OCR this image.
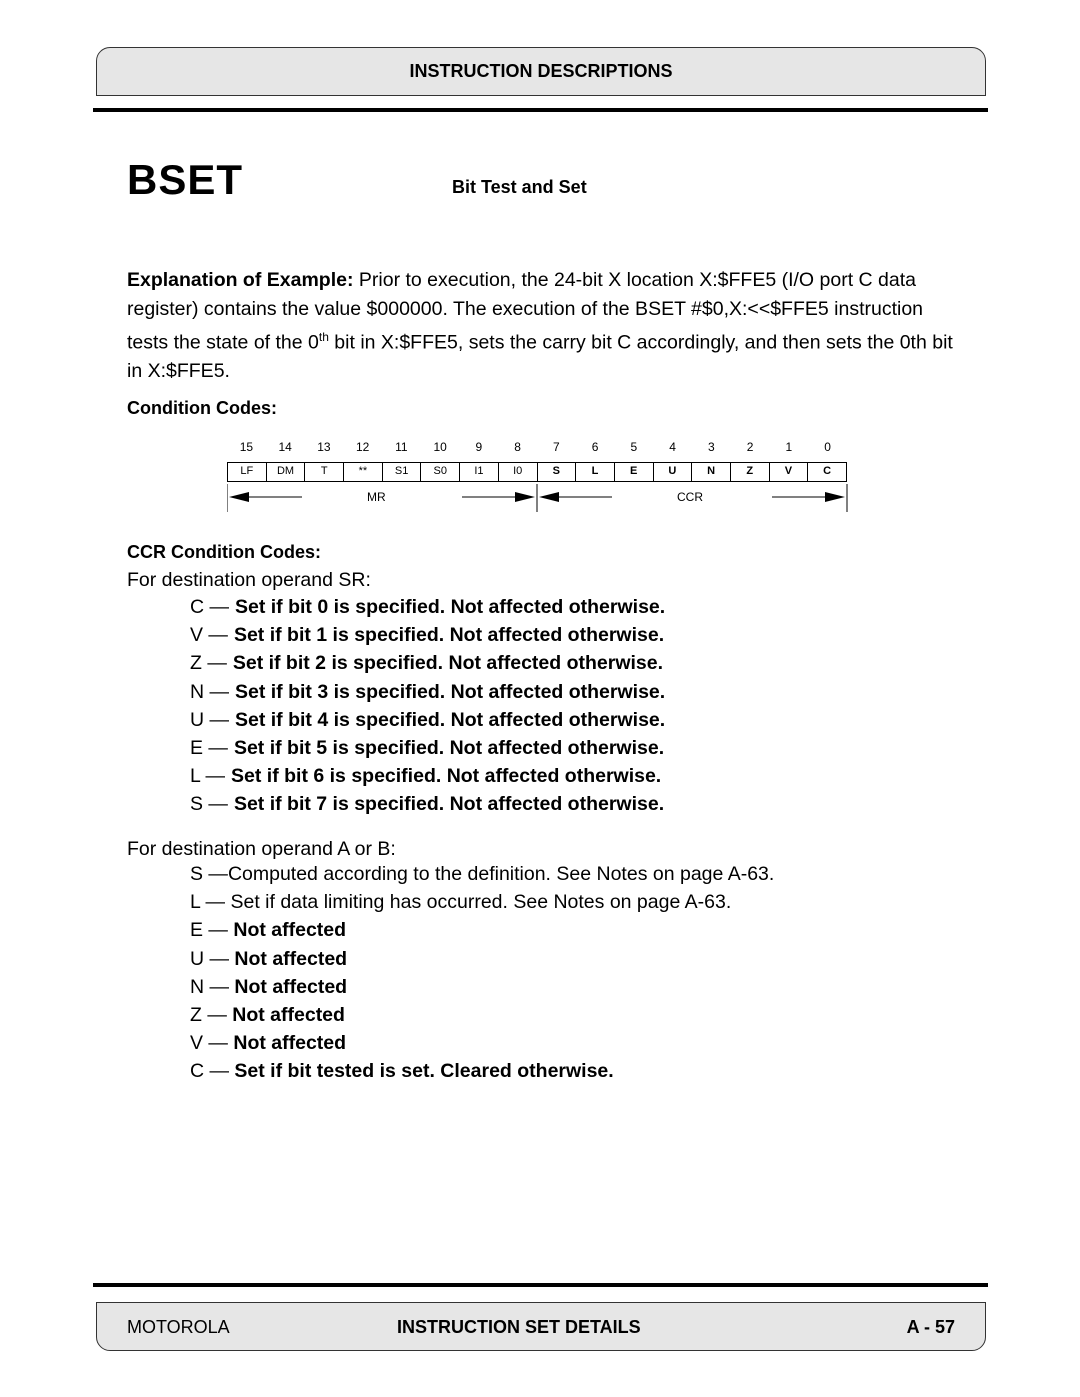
INSTRUCTION DESCRIPTIONS
BSET	Bit Test and Set
Explanation of Example: Prior to execution, the 24-bit X location X:$FFE5 (I/O port C data register) contains the value $000000. The execution of the BSET #$0,X:<<$FFE5 instruction tests the state of the 0th bit in X:$FFE5, sets the carry bit C accordingly, and then sets the 0th bit in X:$FFE5.
Condition Codes:
LF	DM	T	**	S1	S0	I1	I0	S	L	E	U	N	Z	V	C
MR	CCR
15	14	13	12	11	10	9	8	7	6	5	4	3	2	1	0
CCR Condition Codes:
For destination operand SR:
C — Set if bit 0 is specified. Not affected otherwise.
V — Set if bit 1 is specified. Not affected otherwise.
Z — Set if bit 2 is specified. Not affected otherwise.
N — Set if bit 3 is specified. Not affected otherwise.
U — Set if bit 4 is specified. Not affected otherwise.
E — Set if bit 5 is specified. Not affected otherwise.
L — Set if bit 6 is specified. Not affected otherwise.
S — Set if bit 7 is specified. Not affected otherwise.
For destination operand A or B:
S —Computed according to the definition. See Notes on page A-63.
L — Set if data limiting has occurred. See Notes on page A-63.
E — Not affected
U — Not affected
N — Not affected
Z — Not affected
V — Not affected
C — Set if bit tested is set. Cleared otherwise.
MOTOROLA	INSTRUCTION SET DETAILS	A - 57
